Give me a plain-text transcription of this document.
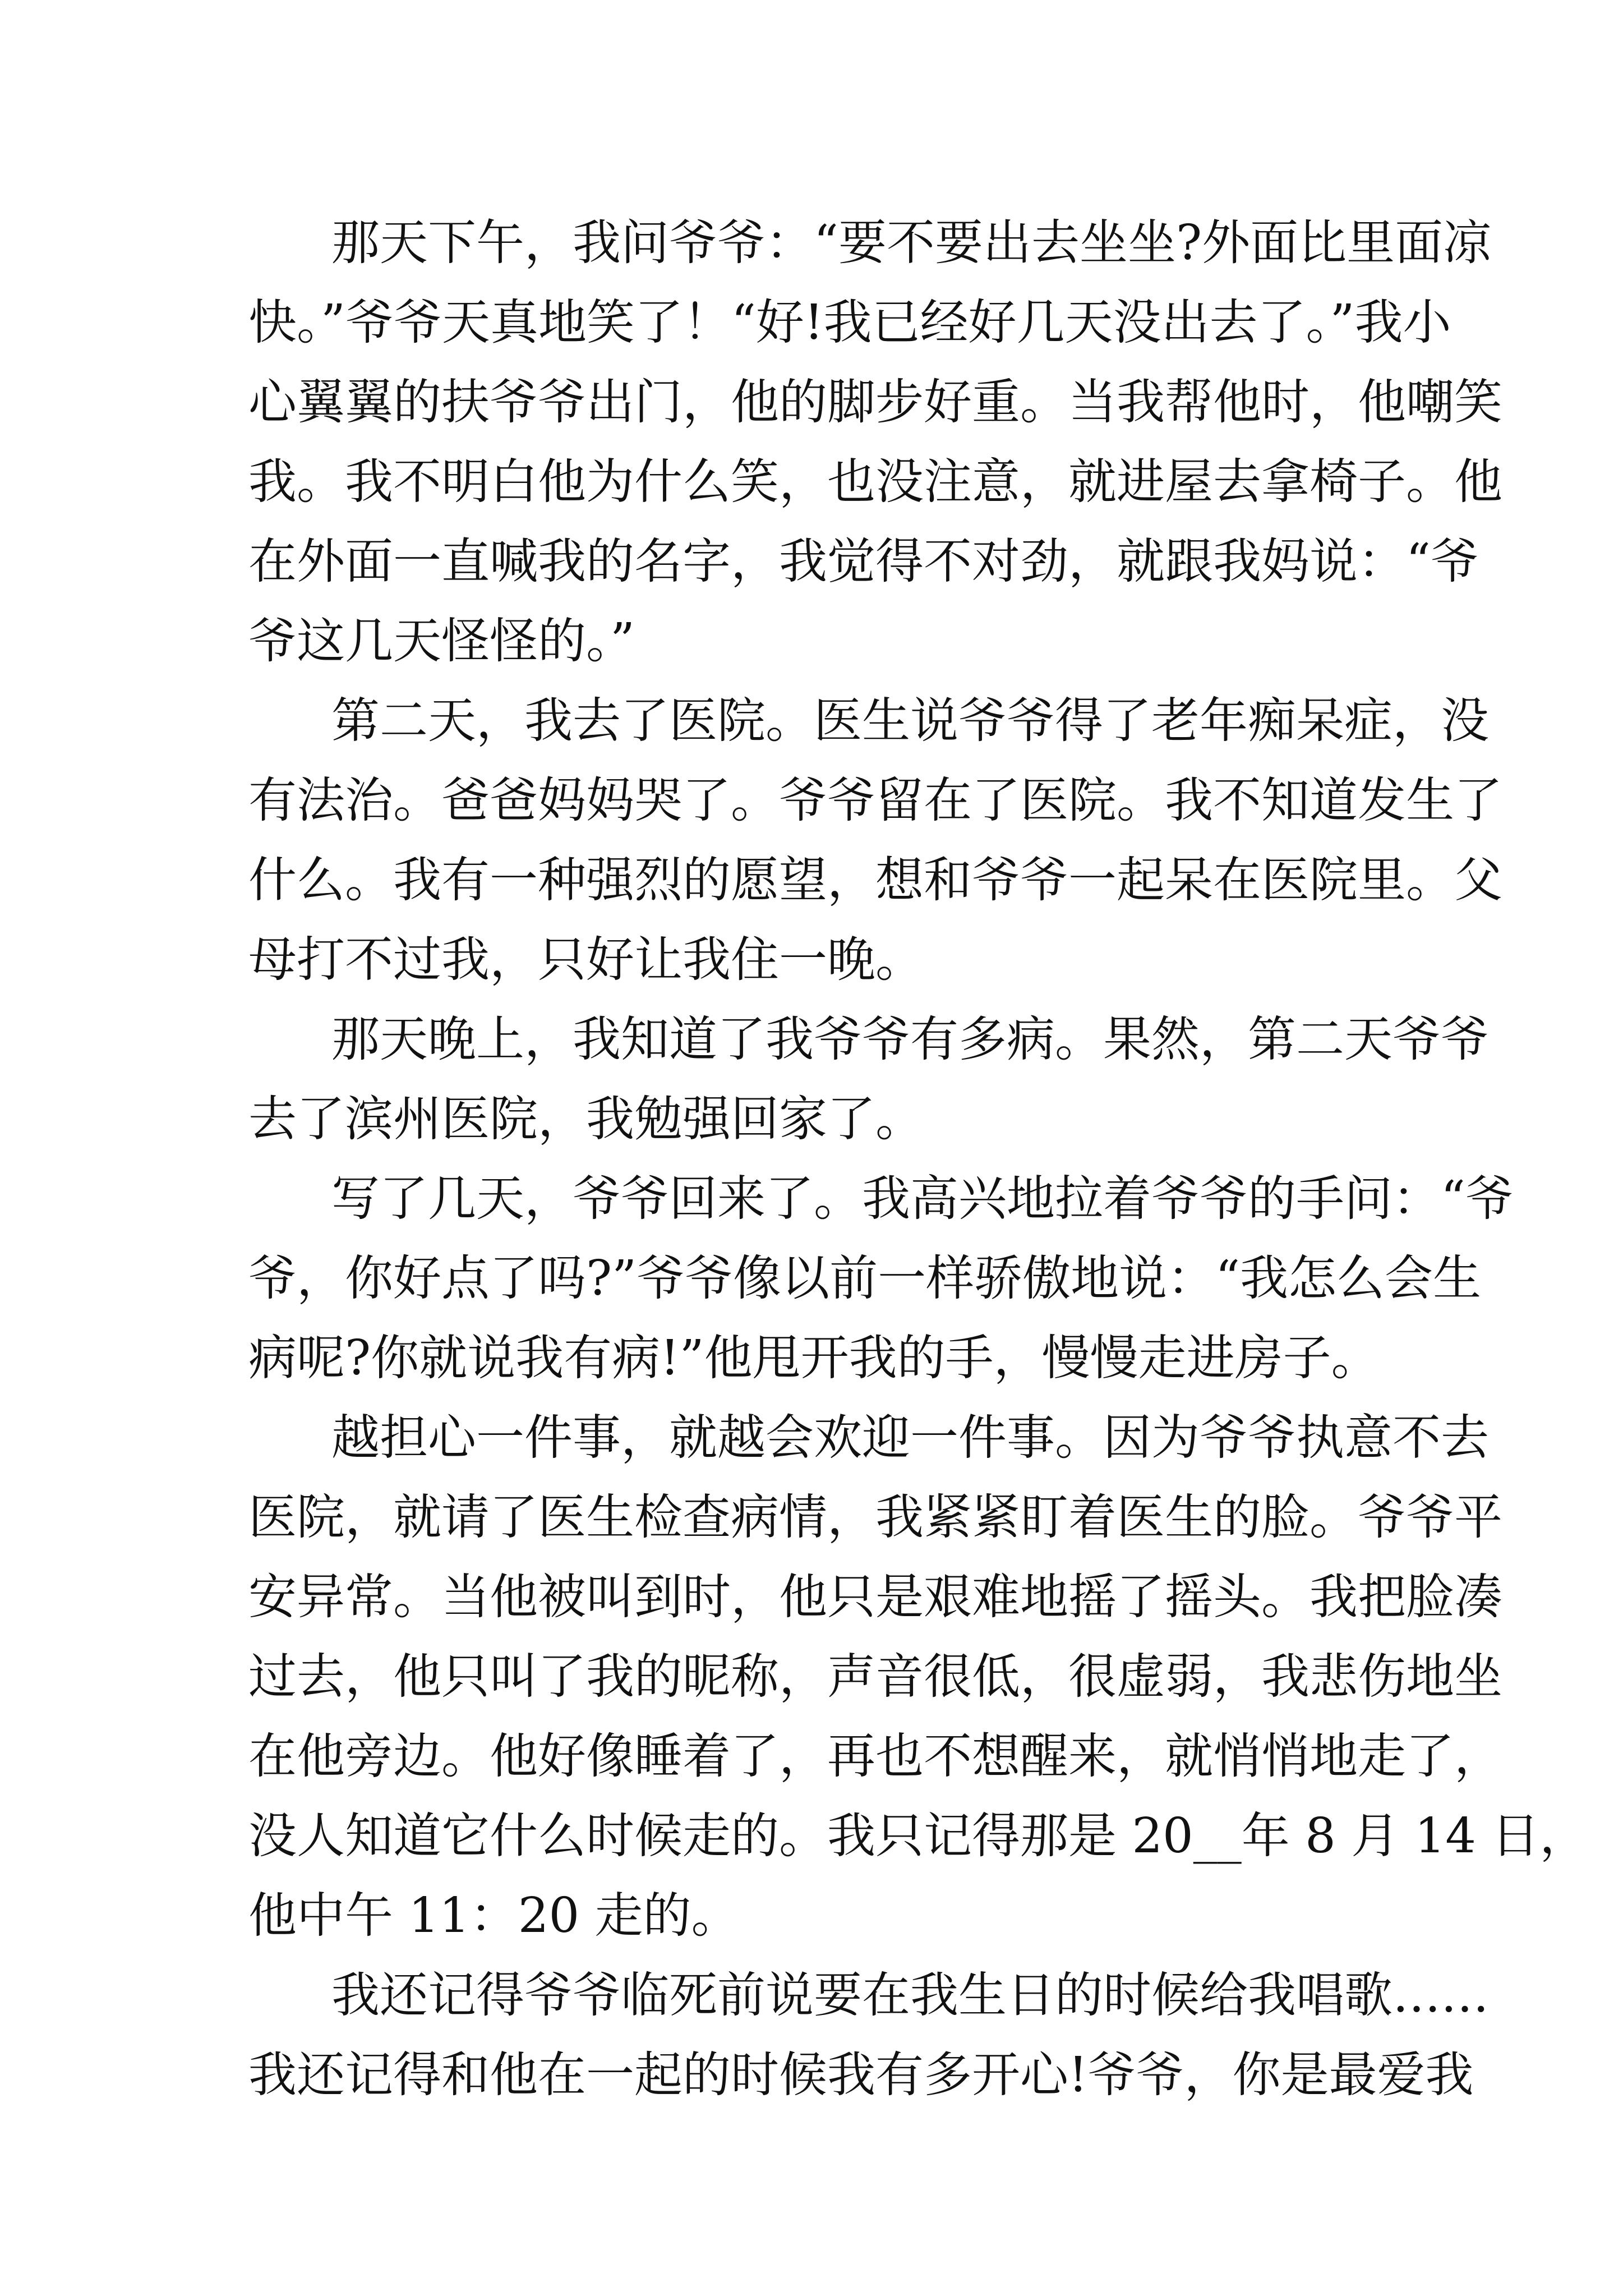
那天下午，我问爷爷：“要不要出去坐坐?外面比里面凉
快。”爷爷天真地笑了！“好!我已经好几天没出去了。”我小
心翼翼的扶爷爷出门，他的脚步好重。当我帮他时，他嘲笑
我。我不明白他为什么笑，也没注意，就进屋去拿椅子。他
在外面一直喊我的名字，我觉得不对劲，就跟我妈说：“爷
爷这几天怪怪的。”
第二天，我去了医院。医生说爷爷得了老年痴呆症，没
有法治。爸爸妈妈哭了。爷爷留在了医院。我不知道发生了
什么。我有一种强烈的愿望，想和爷爷一起呆在医院里。父
母打不过我，只好让我住一晚。
那天晚上，我知道了我爷爷有多病。果然，第二天爷爷
去了滨州医院，我勉强回家了。
写了几天，爷爷回来了。我高兴地拉着爷爷的手问：“爷
爷，你好点了吗?”爷爷像以前一样骄傲地说：“我怎么会生
病呢?你就说我有病!”他甩开我的手，慢慢走进房子。
越担心一件事，就越会欢迎一件事。因为爷爷执意不去
医院，就请了医生检查病情，我紧紧盯着医生的脸。爷爷平
安异常。当他被叫到时，他只是艰难地摇了摇头。我把脸凑
过去，他只叫了我的昵称，声音很低，很虚弱，我悲伤地坐
在他旁边。他好像睡着了，再也不想醒来，就悄悄地走了，
没人知道它什么时候走的。我只记得那是 20__年 8 月 14 日，
他中午 11：20 走的。
我还记得爷爷临死前说要在我生日的时候给我唱歌……
我还记得和他在一起的时候我有多开心!爷爷，你是最爱我
